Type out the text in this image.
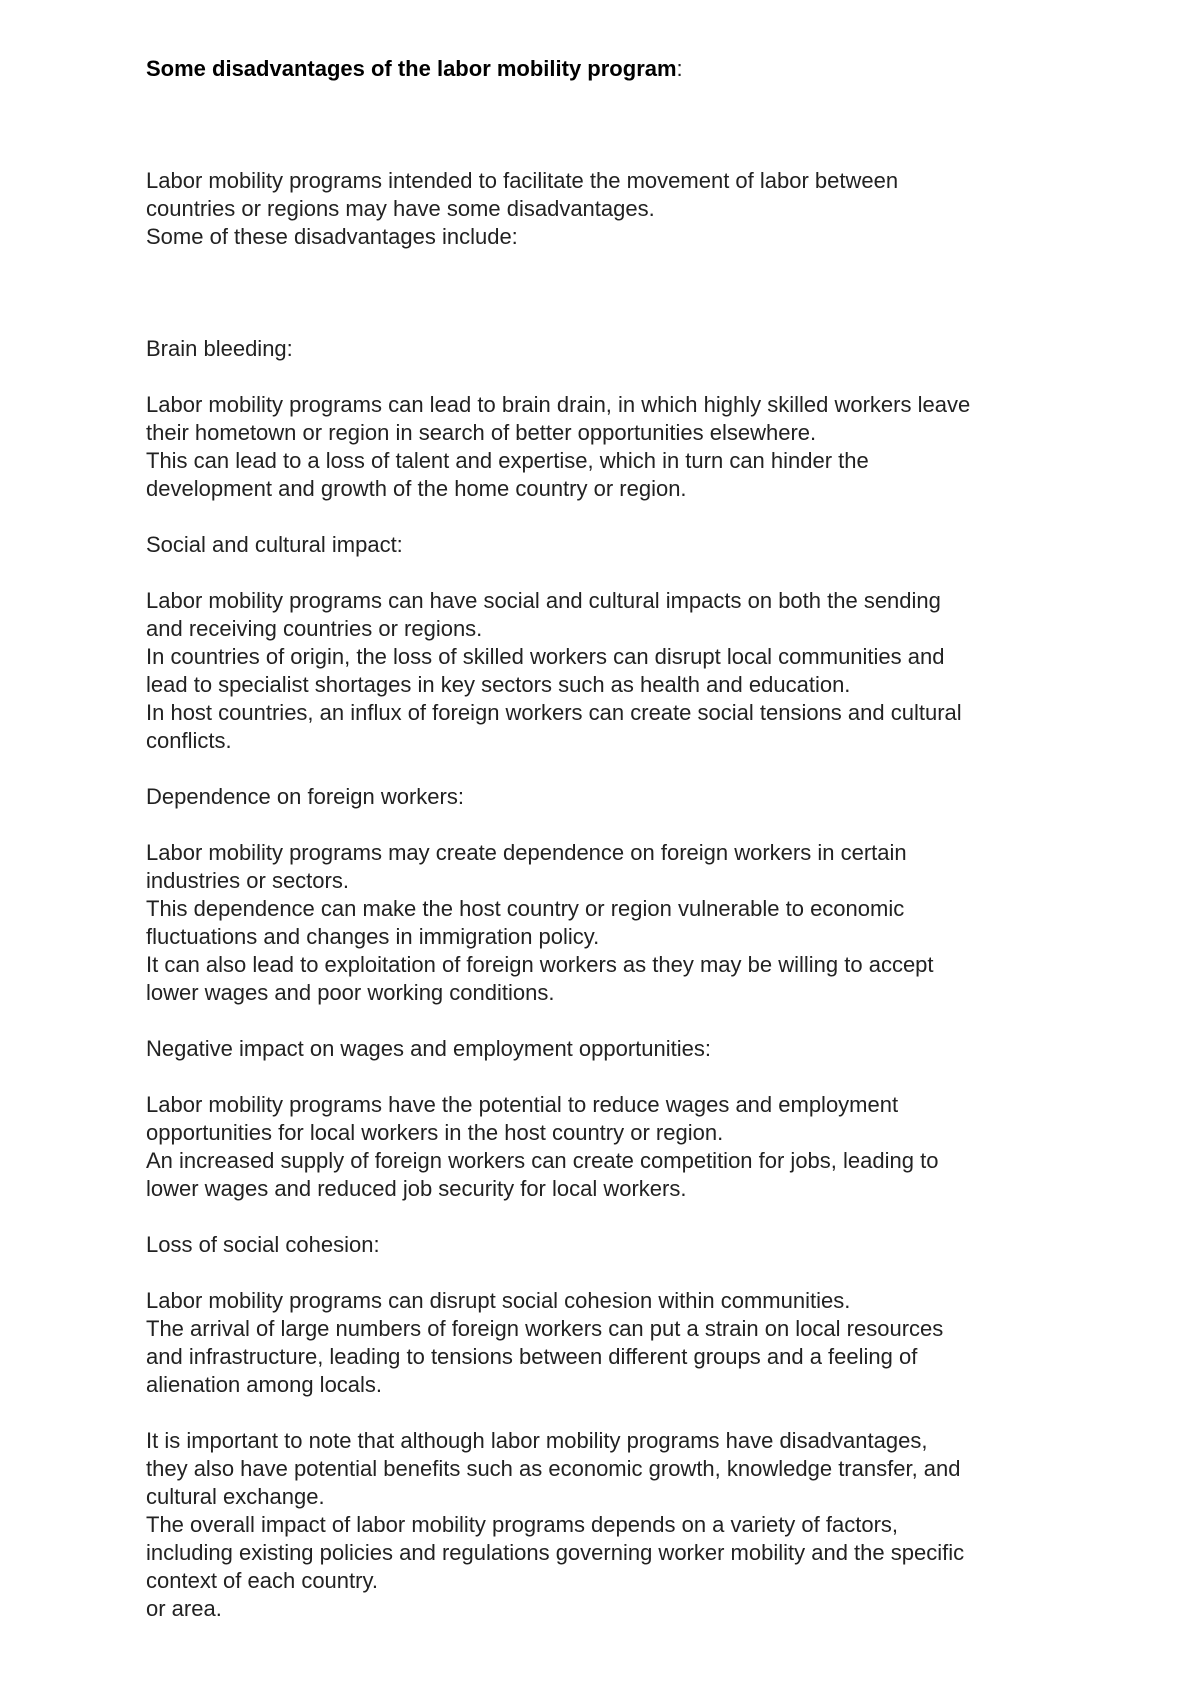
Some disadvantages of the labor mobility program:
Labor mobility programs intended to facilitate the movement of labor between
countries or regions may have some disadvantages.
Some of these disadvantages include:
Brain bleeding:
Labor mobility programs can lead to brain drain, in which highly skilled workers leave
their hometown or region in search of better opportunities elsewhere.
This can lead to a loss of talent and expertise, which in turn can hinder the
development and growth of the home country or region.
Social and cultural impact:
Labor mobility programs can have social and cultural impacts on both the sending
and receiving countries or regions.
In countries of origin, the loss of skilled workers can disrupt local communities and
lead to specialist shortages in key sectors such as health and education.
In host countries, an influx of foreign workers can create social tensions and cultural
conflicts.
Dependence on foreign workers:
Labor mobility programs may create dependence on foreign workers in certain
industries or sectors.
This dependence can make the host country or region vulnerable to economic
fluctuations and changes in immigration policy.
It can also lead to exploitation of foreign workers as they may be willing to accept
lower wages and poor working conditions.
Negative impact on wages and employment opportunities:
Labor mobility programs have the potential to reduce wages and employment
opportunities for local workers in the host country or region.
An increased supply of foreign workers can create competition for jobs, leading to
lower wages and reduced job security for local workers.
Loss of social cohesion:
Labor mobility programs can disrupt social cohesion within communities.
The arrival of large numbers of foreign workers can put a strain on local resources
and infrastructure, leading to tensions between different groups and a feeling of
alienation among locals.
It is important to note that although labor mobility programs have disadvantages,
they also have potential benefits such as economic growth, knowledge transfer, and
cultural exchange.
The overall impact of labor mobility programs depends on a variety of factors,
including existing policies and regulations governing worker mobility and the specific
context of each country.
or area.
